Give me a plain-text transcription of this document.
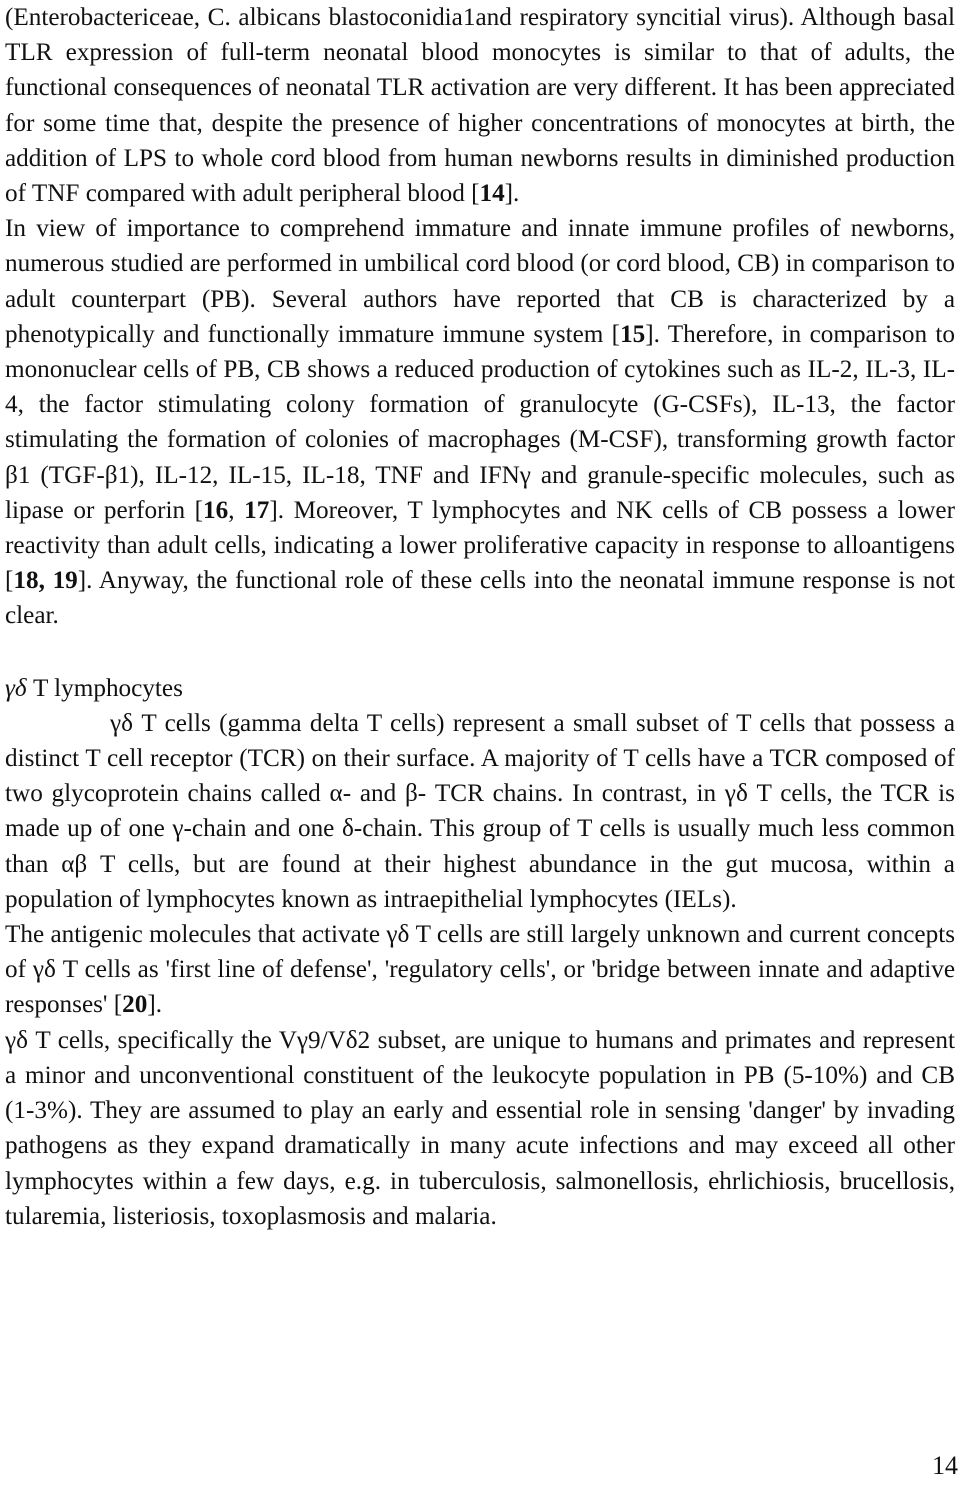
(Enterobactericeae, C. albicans blastoconidia1and respiratory syncitial virus). Although basal TLR expression of full-term neonatal blood monocytes is similar to that of adults, the functional consequences of neonatal TLR activation are very different. It has been appreciated for some time that, despite the presence of higher concentrations of monocytes at birth, the addition of LPS to whole cord blood from human newborns results in diminished production of TNF compared with adult peripheral blood [14].

In view of importance to comprehend immature and innate immune profiles of newborns, numerous studied are performed in umbilical cord blood (or cord blood, CB) in comparison to adult counterpart (PB). Several authors have reported that CB is characterized by a phenotypically and functionally immature immune system [15]. Therefore, in comparison to mononuclear cells of PB, CB shows a reduced production of cytokines such as IL-2, IL-3, IL-4, the factor stimulating colony formation of granulocyte (G-CSFs), IL-13, the factor stimulating the formation of colonies of macrophages (M-CSF), transforming growth factor β1 (TGF-β1), IL-12, IL-15, IL-18, TNF and IFNγ and granule-specific molecules, such as lipase or perforin [16, 17]. Moreover, T lymphocytes and NK cells of CB possess a lower reactivity than adult cells, indicating a lower proliferative capacity in response to alloantigens [18, 19]. Anyway, the functional role of these cells into the neonatal immune response is not clear.

γδ T lymphocytes

γδ T cells (gamma delta T cells) represent a small subset of T cells that possess a distinct T cell receptor (TCR) on their surface. A majority of T cells have a TCR composed of two glycoprotein chains called α- and β- TCR chains. In contrast, in γδ T cells, the TCR is made up of one γ-chain and one δ-chain. This group of T cells is usually much less common than αβ T cells, but are found at their highest abundance in the gut mucosa, within a population of lymphocytes known as intraepithelial lymphocytes (IELs).

The antigenic molecules that activate γδ T cells are still largely unknown and current concepts of γδ T cells as 'first line of defense', 'regulatory cells', or 'bridge between innate and adaptive responses' [20].

γδ T cells, specifically the Vγ9/Vδ2 subset, are unique to humans and primates and represent a minor and unconventional constituent of the leukocyte population in PB (5-10%) and CB (1-3%). They are assumed to play an early and essential role in sensing 'danger' by invading pathogens as they expand dramatically in many acute infections and may exceed all other lymphocytes within a few days, e.g. in tuberculosis, salmonellosis, ehrlichiosis, brucellosis, tularemia, listeriosis, toxoplasmosis and malaria.

14
